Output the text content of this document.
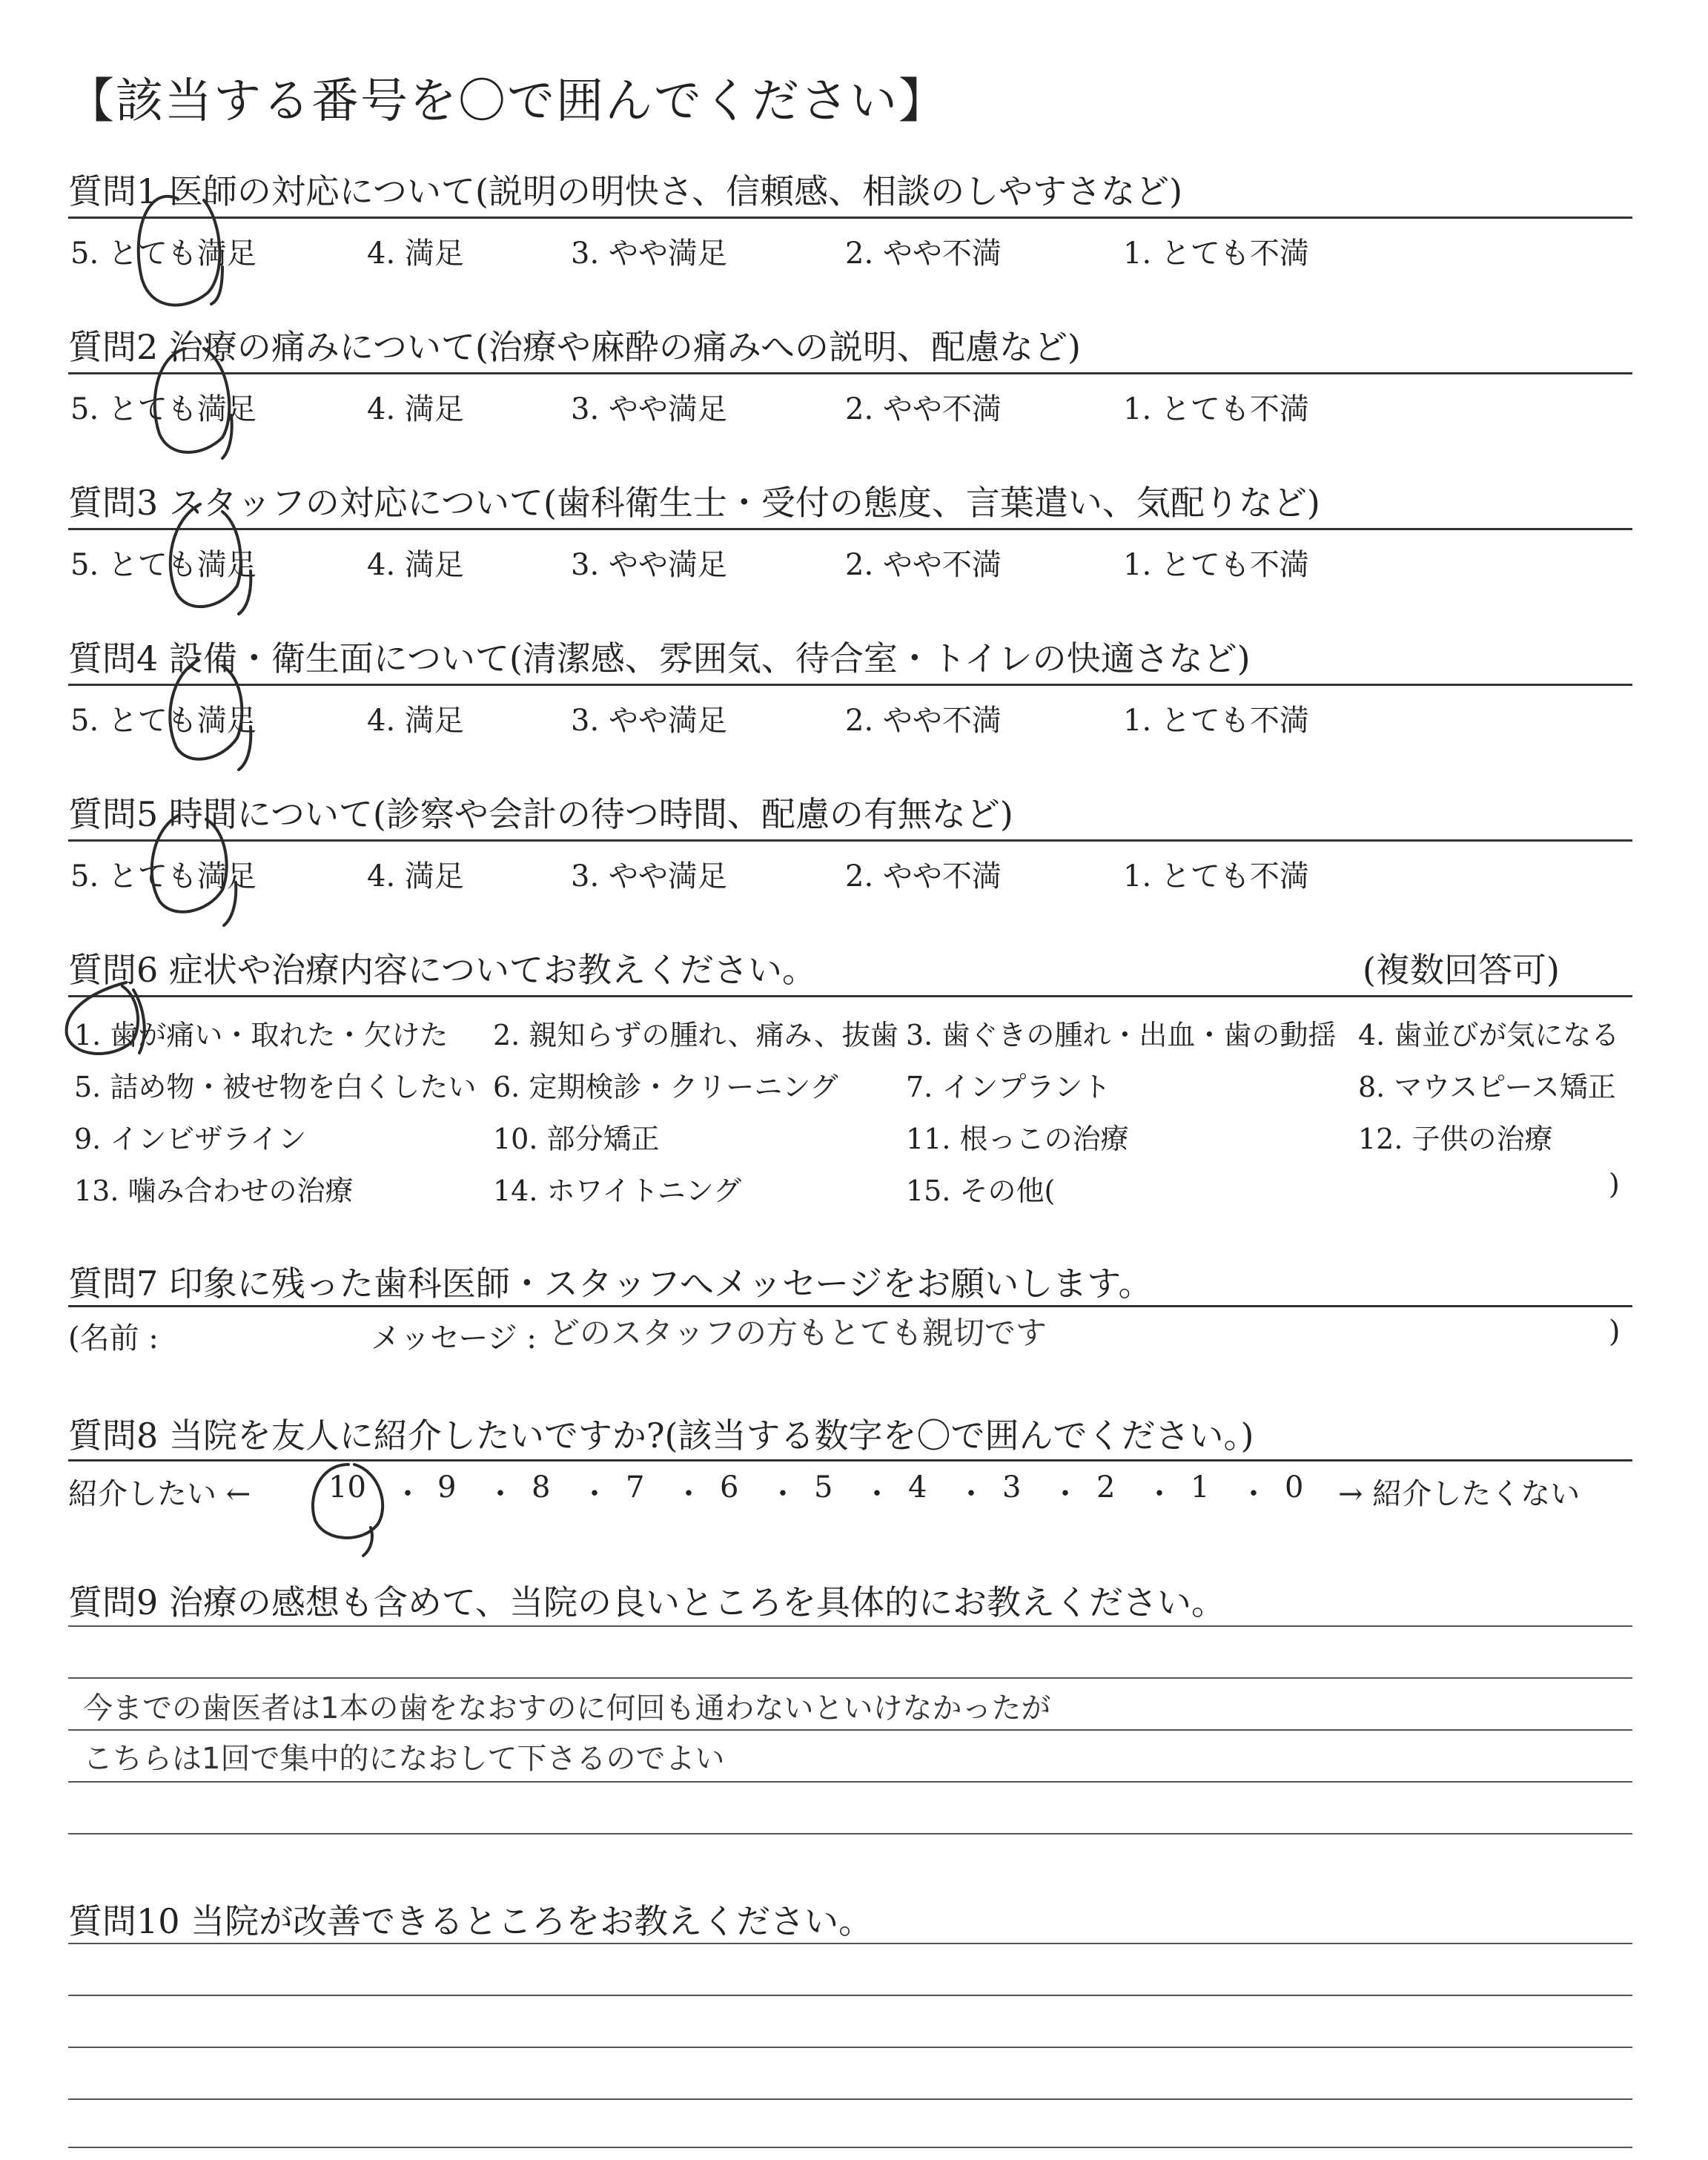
【該当する番号を〇で囲んでください】
質問1 医師の対応について(説明の明快さ、信頼感、相談のしやすさなど)
5. とても満足	4. 満足	3. やや満足	2. やや不満	1. とても不満
質問2 治療の痛みについて(治療や麻酔の痛みへの説明、配慮など)
5. とても満足	4. 満足	3. やや満足	2. やや不満	1. とても不満
質問3 スタッフの対応について(歯科衛生士・受付の態度、言葉遣い、気配りなど)
5. とても満足	4. 満足	3. やや満足	2. やや不満	1. とても不満
質問4 設備・衛生面について(清潔感、雰囲気、待合室・トイレの快適さなど)
5. とても満足	4. 満足	3. やや満足	2. やや不満	1. とても不満
質問5 時間について(診察や会計の待つ時間、配慮の有無など)
5. とても満足	4. 満足	3. やや満足	2. やや不満	1. とても不満
質問6 症状や治療内容についてお教えください。	(複数回答可)
1. 歯が痛い・取れた・欠けた 2. 親知らずの腫れ、痛み、抜歯 3. 歯ぐきの腫れ・出血・歯の動揺 4. 歯並びが気になる
5. 詰め物・被せ物を白くしたい 6. 定期検診・クリーニング 7. インプラント	8. マウスピース矯正
9. インビザライン	10. 部分矯正	11. 根っこの治療	12. 子供の治療
13. 噛み合わせの治療	14. ホワイトニング	15. その他(	)
質問7 印象に残った歯科医師・スタッフへメッセージをお願いします。
(名前 :	メッセージ : どのスタッフの方もとても親切です	)
質問8 当院を友人に紹介したいですか?(該当する数字を〇で囲んでください。)
紹介したい ←	10 ・ 9 ・ 8 ・ 7 ・ 6 ・ 5 ・ 4 ・ 3 ・ 2 ・ 1 ・ 0 → 紹介したくない
質問9 治療の感想も含めて、当院の良いところを具体的にお教えください。
今までの歯医者は1本の歯をなおすのに何回も通わないといけなかったが
こちらは1回で集中的になおして下さるのでよい
質問10 当院が改善できるところをお教えください。
